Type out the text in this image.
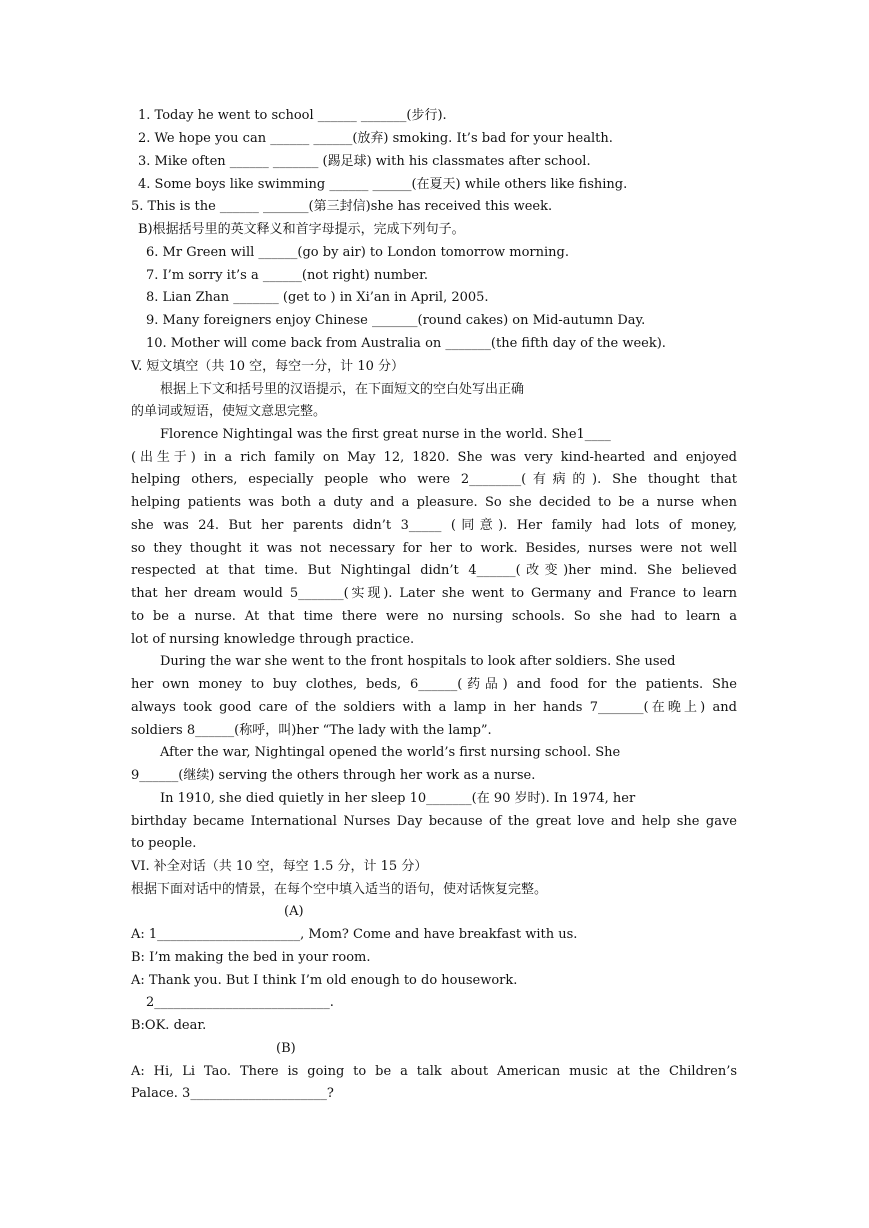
1. Today he went to school ______ _______(步行).
2. We hope you can ______ ______(放弃) smoking. It’s bad for your health.
3. Mike often ______ _______ (踢足球) with his classmates after school.
4. Some boys like swimming ______ ______(在夏天) while others like fishing.
5. This is the ______ _______(第三封信)she has received this week.
B)根据括号里的英文释义和首字母提示，完成下列句子。
6. Mr Green will ______(go by air) to London tomorrow morning.
7. I’m sorry it’s a ______(not right) number.
8. Lian Zhan _______ (get to ) in Xi’an in April, 2005.
9. Many foreigners enjoy Chinese _______(round cakes) on Mid-autumn Day.
10. Mother will come back from Australia on _______(the fifth day of the week).
V. 短文填空（共 10 空，每空一分，计 10 分）
根据上下文和括号里的汉语提示，在下面短文的空白处写出正确
的单词或短语，使短文意思完整。
Florence Nightingal was the first great nurse in the world. She1____
(出生于) in a rich family on May 12, 1820. She was very kind-hearted and enjoyed
helping others, especially people who were 2________(有病的). She thought that
helping patients was both a duty and a pleasure. So she decided to be a nurse when
she was 24. But her parents didn’t 3_____ (同意). Her family had lots of money,
so they thought it was not necessary for her to work. Besides, nurses were not well
respected at that time. But Nightingal didn’t 4______(改变)her mind. She believed
that her dream would 5_______(实现). Later she went to Germany and France to learn
to be a nurse. At that time there were no nursing schools. So she had to learn a
lot of nursing knowledge through practice.
During the war she went to the front hospitals to look after soldiers. She used
her own money to buy clothes, beds, 6______(药品) and food for the patients. She
always took good care of the soldiers with a lamp in her hands 7_______(在晚上) and
soldiers 8______(称呼，叫)her “The lady with the lamp”.
After the war, Nightingal opened the world’s first nursing school. She
9______(继续) serving the others through her work as a nurse.
In 1910, she died quietly in her sleep 10_______(在 90 岁时). In 1974, her
birthday became International Nurses Day because of the great love and help she gave
to people.
VI. 补全对话（共 10 空，每空 1.5 分，计 15 分）
根据下面对话中的情景，在每个空中填入适当的语句，使对话恢复完整。
(A)
A: 1______________________, Mom? Come and have breakfast with us.
B: I’m making the bed in your room.
A: Thank you. But I think I’m old enough to do housework.
2___________________________.
B:OK. dear.
(B)
A: Hi, Li Tao. There is going to be a talk about American music at the Children’s
Palace. 3_____________________?
